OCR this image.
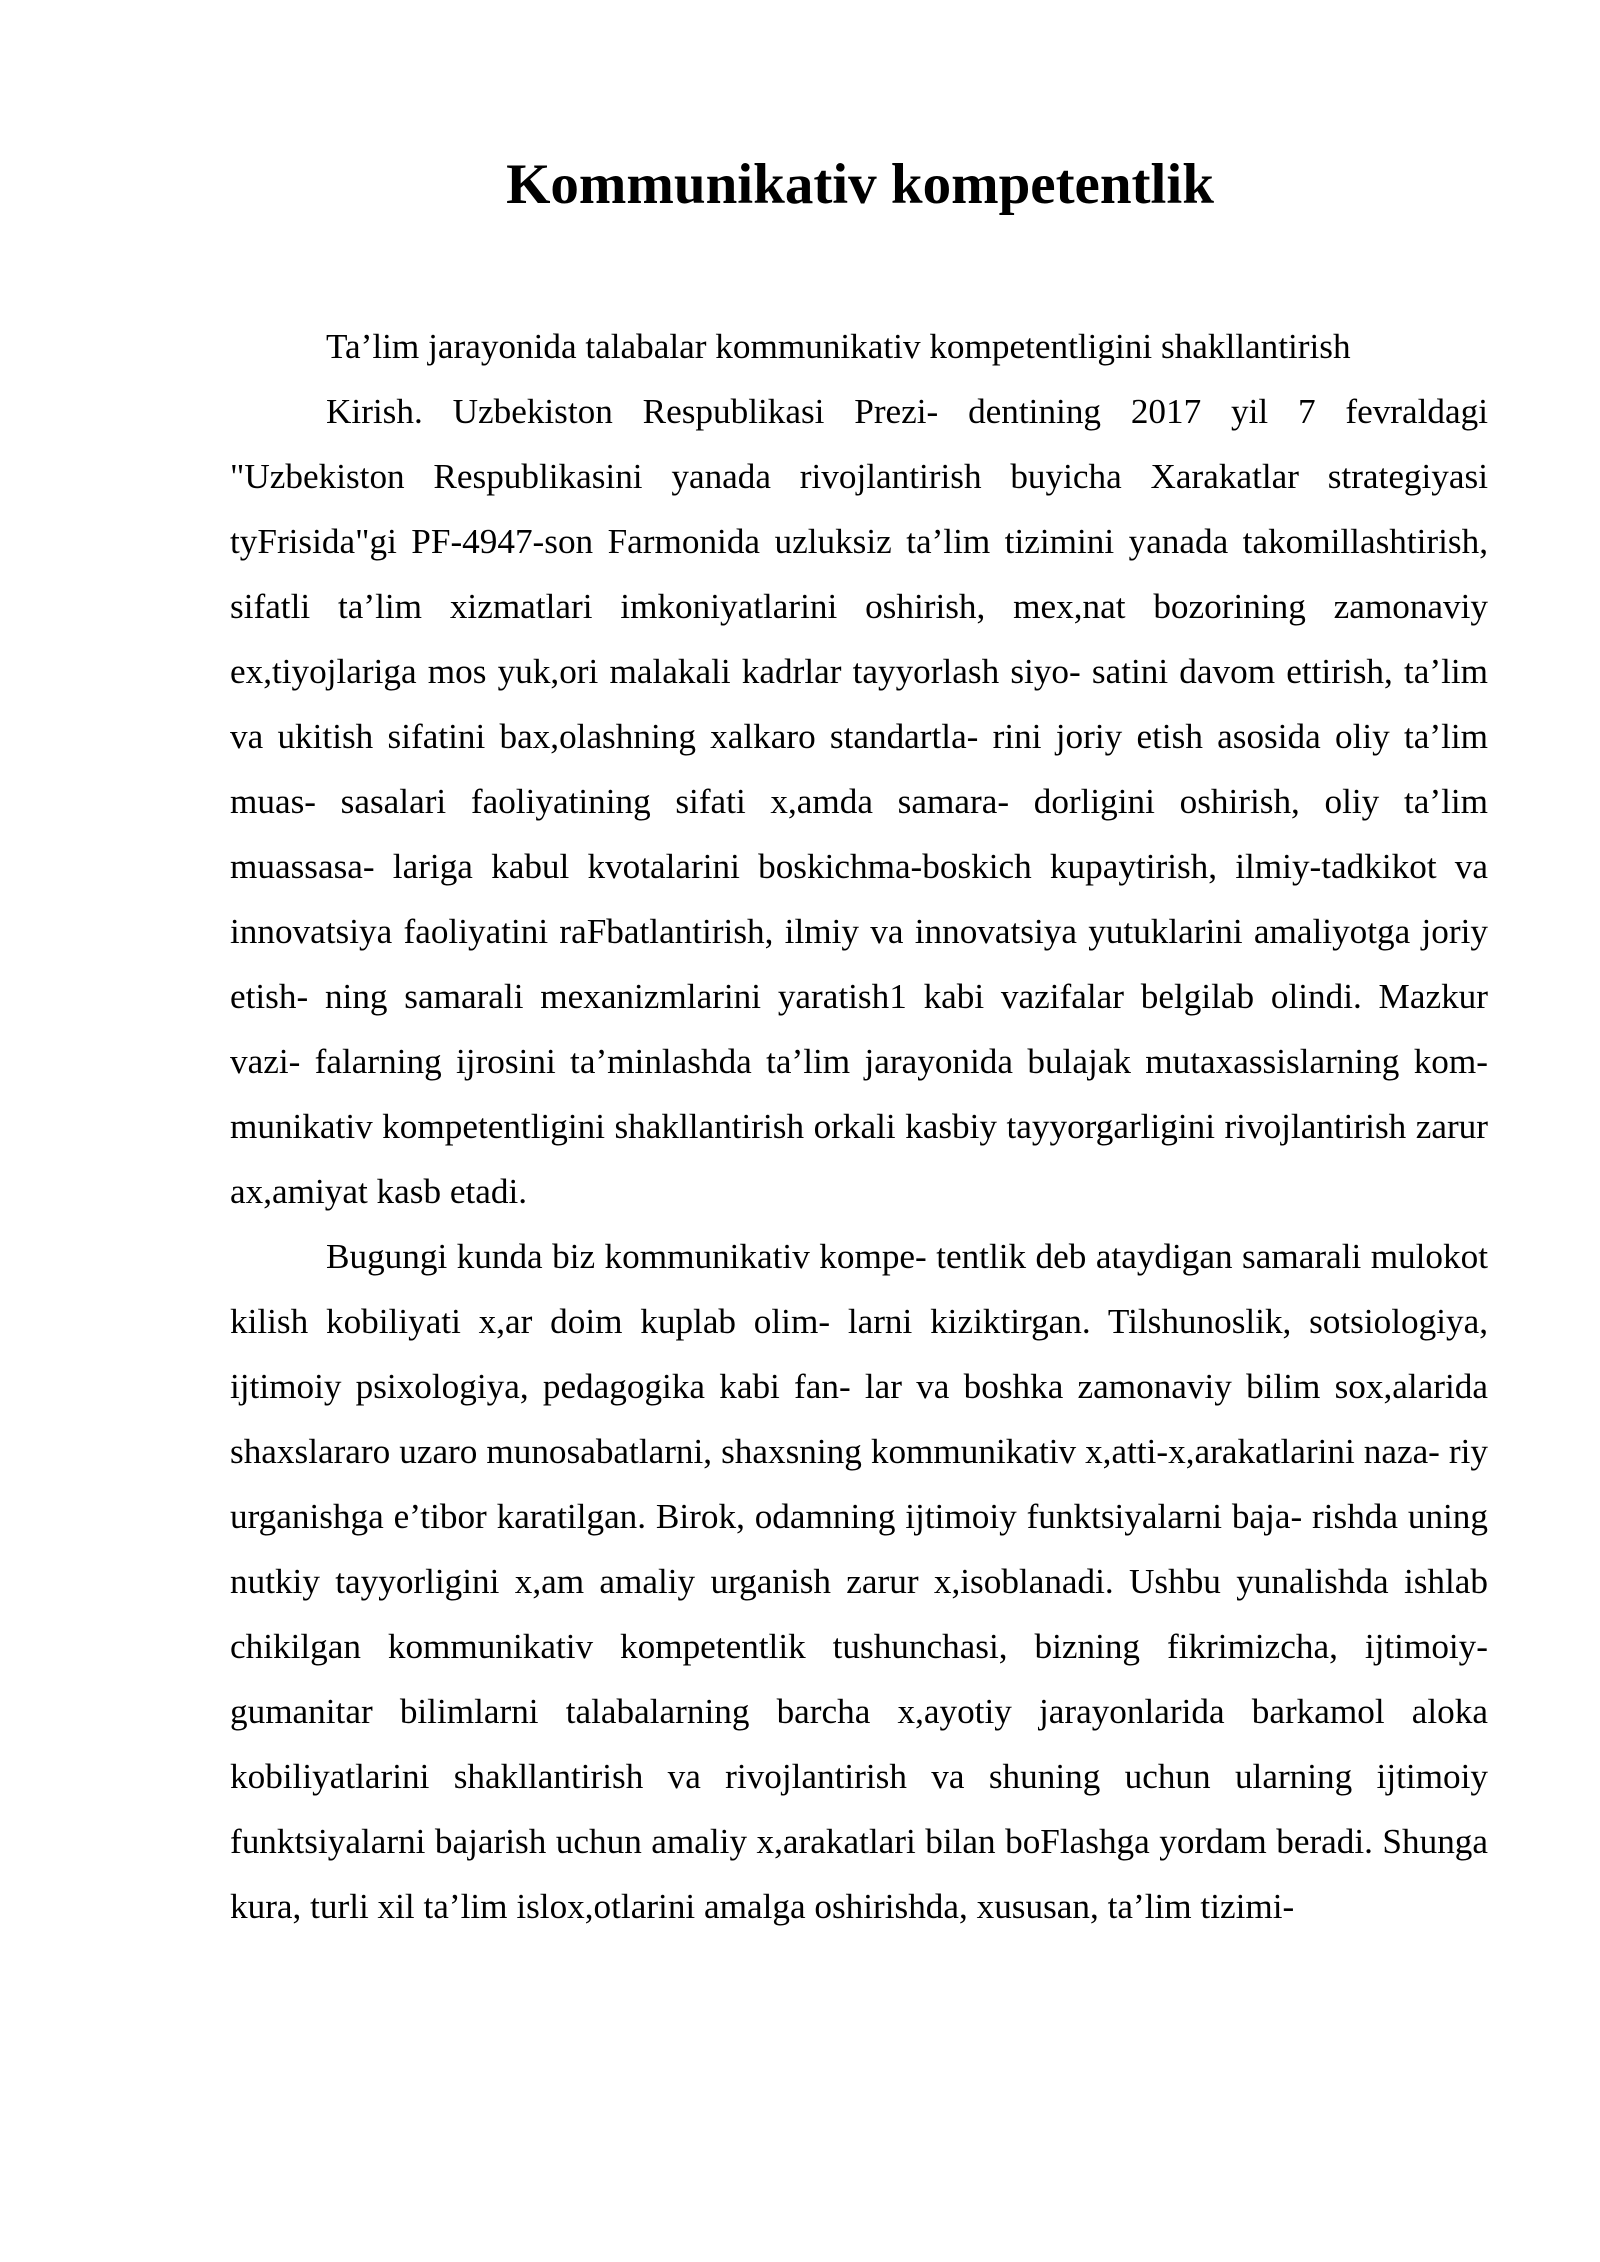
Kommunikativ kompetentlik

Ta’lim jarayonida talabalar kommunikativ kompetentligini shakllantirish

Kirish. Uzbekiston Respublikasi Prezi- dentining 2017 yil 7 fevraldagi "Uzbekiston Respublikasini yanada rivojlantirish buyicha Xarakatlar strategiyasi tyFrisida"gi PF-4947-son Farmonida uzluksiz ta’lim tizimini yanada takomillashtirish, sifatli ta’lim xizmatlari imkoniyatlarini oshirish, mex,nat bozorining zamonaviy ex,tiyojlariga mos yuk,ori malakali kadrlar tayyorlash siyo- satini davom ettirish, ta’lim va ukitish sifatini bax,olashning xalkaro standartla- rini joriy etish asosida oliy ta’lim muas- sasalari faoliyatining sifati x,amda samara- dorligini oshirish, oliy ta’lim muassasa- lariga kabul kvotalarini boskichma-boskich kupaytirish, ilmiy-tadkikot va innovatsiya faoliyatini raFbatlantirish, ilmiy va innovatsiya yutuklarini amaliyotga joriy etish- ning samarali mexanizmlarini yaratish1 kabi vazifalar belgilab olindi. Mazkur vazi- falarning ijrosini ta’minlashda ta’lim jarayonida bulajak mutaxassislarning kom- munikativ kompetentligini shakllantirish orkali kasbiy tayyorgarligini rivojlantirish zarur ax,amiyat kasb etadi.

Bugungi kunda biz kommunikativ kompe- tentlik deb ataydigan samarali mulokot kilish kobiliyati x,ar doim kuplab olim- larni kiziktirgan. Tilshunoslik, sotsiologiya, ijtimoiy psixologiya, pedagogika kabi fan- lar va boshka zamonaviy bilim sox,alarida shaxslararo uzaro munosabatlarni, shaxsning kommunikativ x,atti-x,arakatlarini naza- riy urganishga e’tibor karatilgan. Birok, odamning ijtimoiy funktsiyalarni baja- rishda uning nutkiy tayyorligini x,am amaliy urganish zarur x,isoblanadi. Ushbu yunalishda ishlab chikilgan kommunikativ kompetentlik tushunchasi, bizning fikrimizcha, ijtimoiy- gumanitar bilimlarni talabalarning barcha x,ayotiy jarayonlarida barkamol aloka kobiliyatlarini shakllantirish va rivojlantirish va shuning uchun ularning ijtimoiy funktsiyalarni bajarish uchun amaliy x,arakatlari bilan boFlashga yordam beradi. Shunga kura, turli xil ta’lim islox,otlarini amalga oshirishda, xususan, ta’lim tizimi-
